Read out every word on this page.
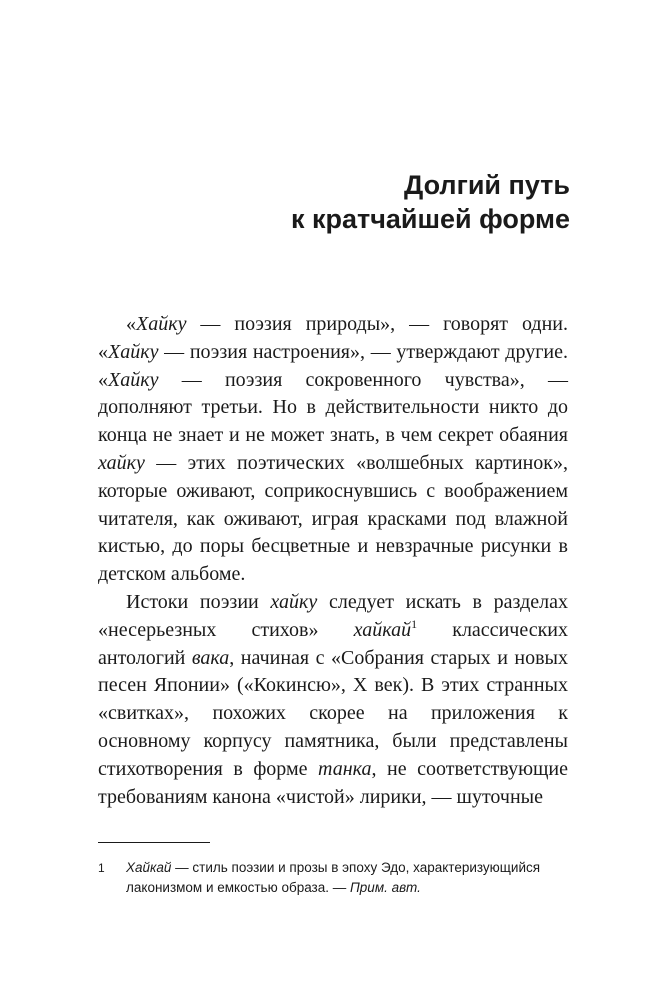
Долгий путь
к кратчайшей форме

«Хайку — поэзия природы», — говорят одни. «Хайку — поэзия настроения», — утверждают другие. «Хайку — поэзия сокровенного чувства», — дополняют третьи. Но в действительности никто до конца не знает и не может знать, в чем секрет обаяния хайку — этих поэтических «волшебных картинок», которые оживают, соприкоснувшись с воображением читателя, как оживают, играя красками под влажной кистью, до поры бесцветные и невзрачные рисунки в детском альбоме.

Истоки поэзии хайку следует искать в разделах «несерьезных стихов» хайкай$^1$ классических антологий вака, начиная с «Собрания старых и новых песен Японии» («Кокинсю», X век). В этих странных «свитках», похожих скорее на приложения к основному корпусу памятника, были представлены стихотворения в форме танка, не соответствующие требованиям канона «чистой» лирики, — шуточные

1 Хайкай — стиль поэзии и прозы в эпоху Эдо, характеризующийся лаконизмом и емкостью образа. — Прим. авт.
